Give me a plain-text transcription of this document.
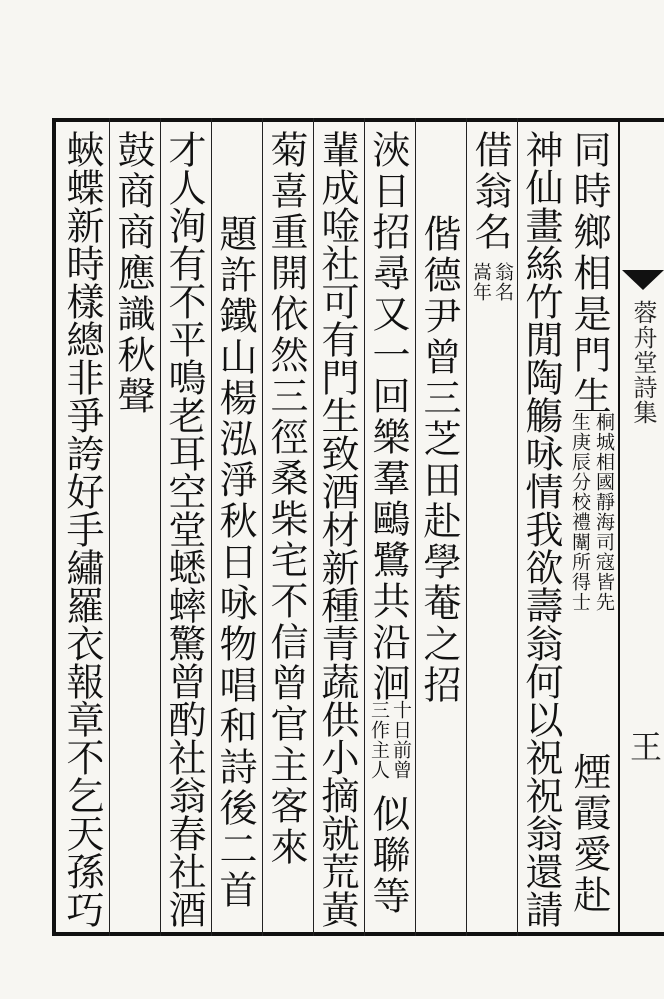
蓉舟堂詩集
王
同時鄉相是門生
桐城相國靜海司寇皆先
生庚辰分校禮闈所得士
煙霞愛赴
神仙畫絲竹閒陶觴咏情我欲壽翁何以祝祝翁還請
借翁名
翁名
嵩年
偕德尹曾三芝田赴學菴之招
浹日招尋又一回樂羣鷗鷺共沿洄
十日前曾
三作主人
似聯等
輩成唫社可有門生致酒材新種青蔬供小摘就荒黃
菊喜重開依然三徑桑柴宅不信曾官主客來
題許鐵山楊泓淨秋日咏物唱和詩後二首
才人洵有不平鳴老耳空堂蟋蟀驚曾酌社翁春社酒
鼓商商應識秋聲
蛺蝶新時樣總非爭誇好手繡羅衣報章不乞天孫巧
